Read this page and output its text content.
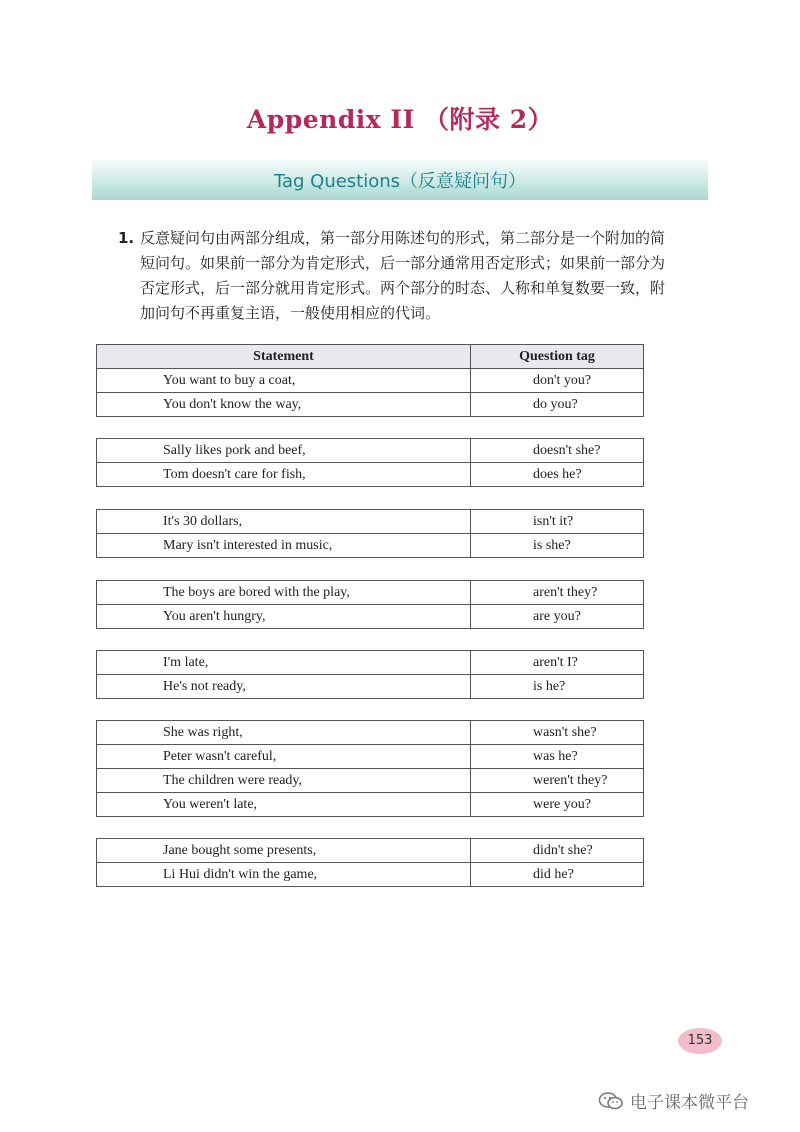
Appendix II （附录 2）
Tag Questions（反意疑问句）
1. 反意疑问句由两部分组成，第一部分用陈述句的形式，第二部分是一个附加的简短问句。如果前一部分为肯定形式，后一部分通常用否定形式；如果前一部分为否定形式，后一部分就用肯定形式。两个部分的时态、人称和单复数要一致，附加问句不再重复主语，一般使用相应的代词。
Statement	Question tag
You want to buy a coat,	don't you?
You don't know the way,	do you?
Sally likes pork and beef,	doesn't she?
Tom doesn't care for fish,	does he?
It's 30 dollars,	isn't it?
Mary isn't interested in music,	is she?
The boys are bored with the play,	aren't they?
You aren't hungry,	are you?
I'm late,	aren't I?
He's not ready,	is he?
She was right,	wasn't she?
Peter wasn't careful,	was he?
The children were ready,	weren't they?
You weren't late,	were you?
Jane bought some presents,	didn't she?
Li Hui didn't win the game,	did he?
153
电子课本微平台
